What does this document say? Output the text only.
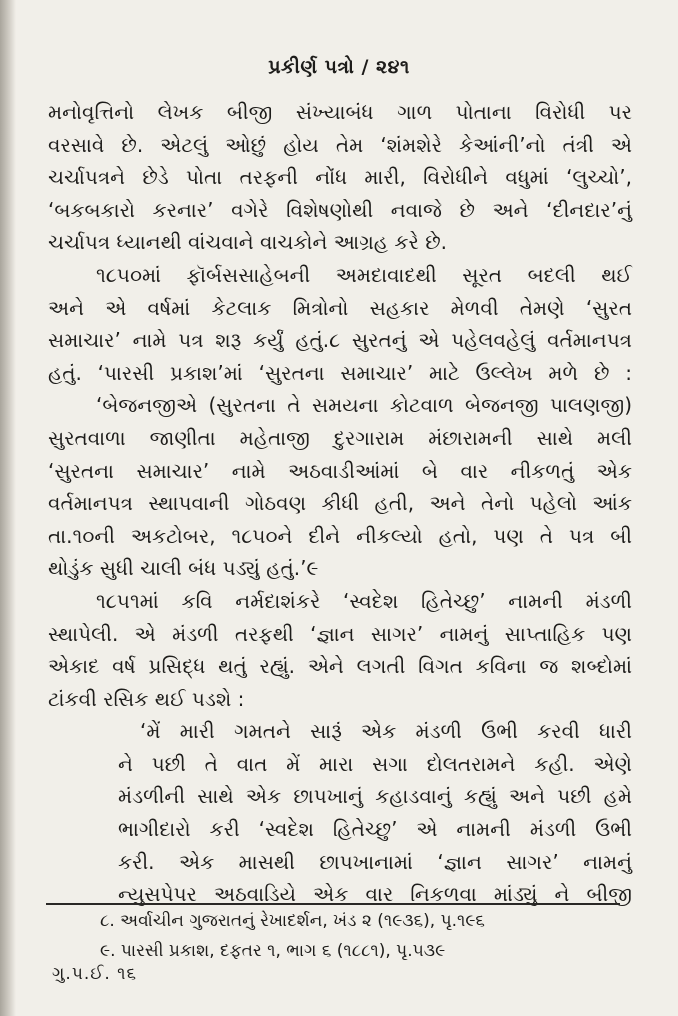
પ્રકીર્ણ પત્રો / ૨૪૧
મનોવૃત્તિનો લેખક બીજી સંખ્યાબંધ ગાળ પોતાના વિરોધી પર
વરસાવે છે. એટલું ઓછું હોય તેમ ‘શંમશેરે કેઆંની’નો તંત્રી એ
ચર્ચાપત્રને છેડે પોતા તરફની નોંધ મારી, વિરોધીને વધુમાં ‘લુચ્ચો’,
‘બકબકારો કરનાર’ વગેરે વિશેષણોથી નવાજે છે અને ‘દીનદાર’નું
ચર્ચાપત્ર ધ્યાનથી વાંચવાને વાચકોને આગ્રહ કરે છે.
૧૮૫૦માં ફૉર્બસસાહેબની અમદાવાદથી સૂરત બદલી થઈ
અને એ વર્ષમાં કેટલાક મિત્રોનો સહકાર મેળવી તેમણે ‘સુરત
સમાચાર’ નામે પત્ર શરૂ કર્યું હતું.૮ સુરતનું એ પહેલવહેલું વર્તમાનપત્ર
હતું. ‘પારસી પ્રકાશ’માં ‘સુરતના સમાચાર’ માટે ઉલ્લેખ મળે છે :
‘બેજનજીએ (સુરતના તે સમયના કોટવાળ બેજનજી પાલણજી)
સુરતવાળા જાણીતા મહેતાજી દુરગારામ મંછારામની સાથે મલી
‘સુરતના સમાચાર’ નામે અઠવાડીઆંમાં બે વાર નીકળતું એક
વર્તમાનપત્ર સ્થાપવાની ગોઠવણ કીધી હતી, અને તેનો પહેલો આંક
તા.૧૦ની અકટોબર, ૧૮૫૦ને દીને નીકલ્યો હતો, પણ તે પત્ર બી
થોડુંક સુધી ચાલી બંધ પડ્યું હતું.’૯
૧૮૫૧માં કવિ નર્મદાશંકરે ‘સ્વદેશ હિતેચ્છુ’ નામની મંડળી
સ્થાપેલી. એ મંડળી તરફથી ‘જ્ઞાન સાગર’ નામનું સાપ્તાહિક પણ
એકાદ વર્ષ પ્રસિદ્ધ થતું રહ્યું. એને લગતી વિગત કવિના જ શબ્દોમાં
ટાંકવી રસિક થઈ પડશે :
‘મેં મારી ગમતને સારૂં એક મંડળી ઉભી કરવી ધારી
ને પછી તે વાત મેં મારા સગા દોલતરામને કહી. એણે
મંડળીની સાથે એક છાપખાનું કહાડવાનું કહ્યું અને પછી હમે
ભાગીદારો કરી ‘સ્વદેશ હિતેચ્છુ’ એ નામની મંડળી ઉભી
કરી. એક માસથી છાપખાનામાં ‘જ્ઞાન સાગર’ નામનું
ન્યુસપેપર અઠવાડિયે એક વાર નિકળવા માંડ્યું ને બીજી
૮. અર્વાચીન ગુજરાતનું રેખાદર્શન, ખંડ ૨ (૧૯૩૬), પૃ.૧૯૬
૯. પારસી પ્રકાશ, દફતર ૧, ભાગ ૬ (૧૮૮૧), પૃ.૫૩૯
ગુ.પ.ઈ. ૧૬
